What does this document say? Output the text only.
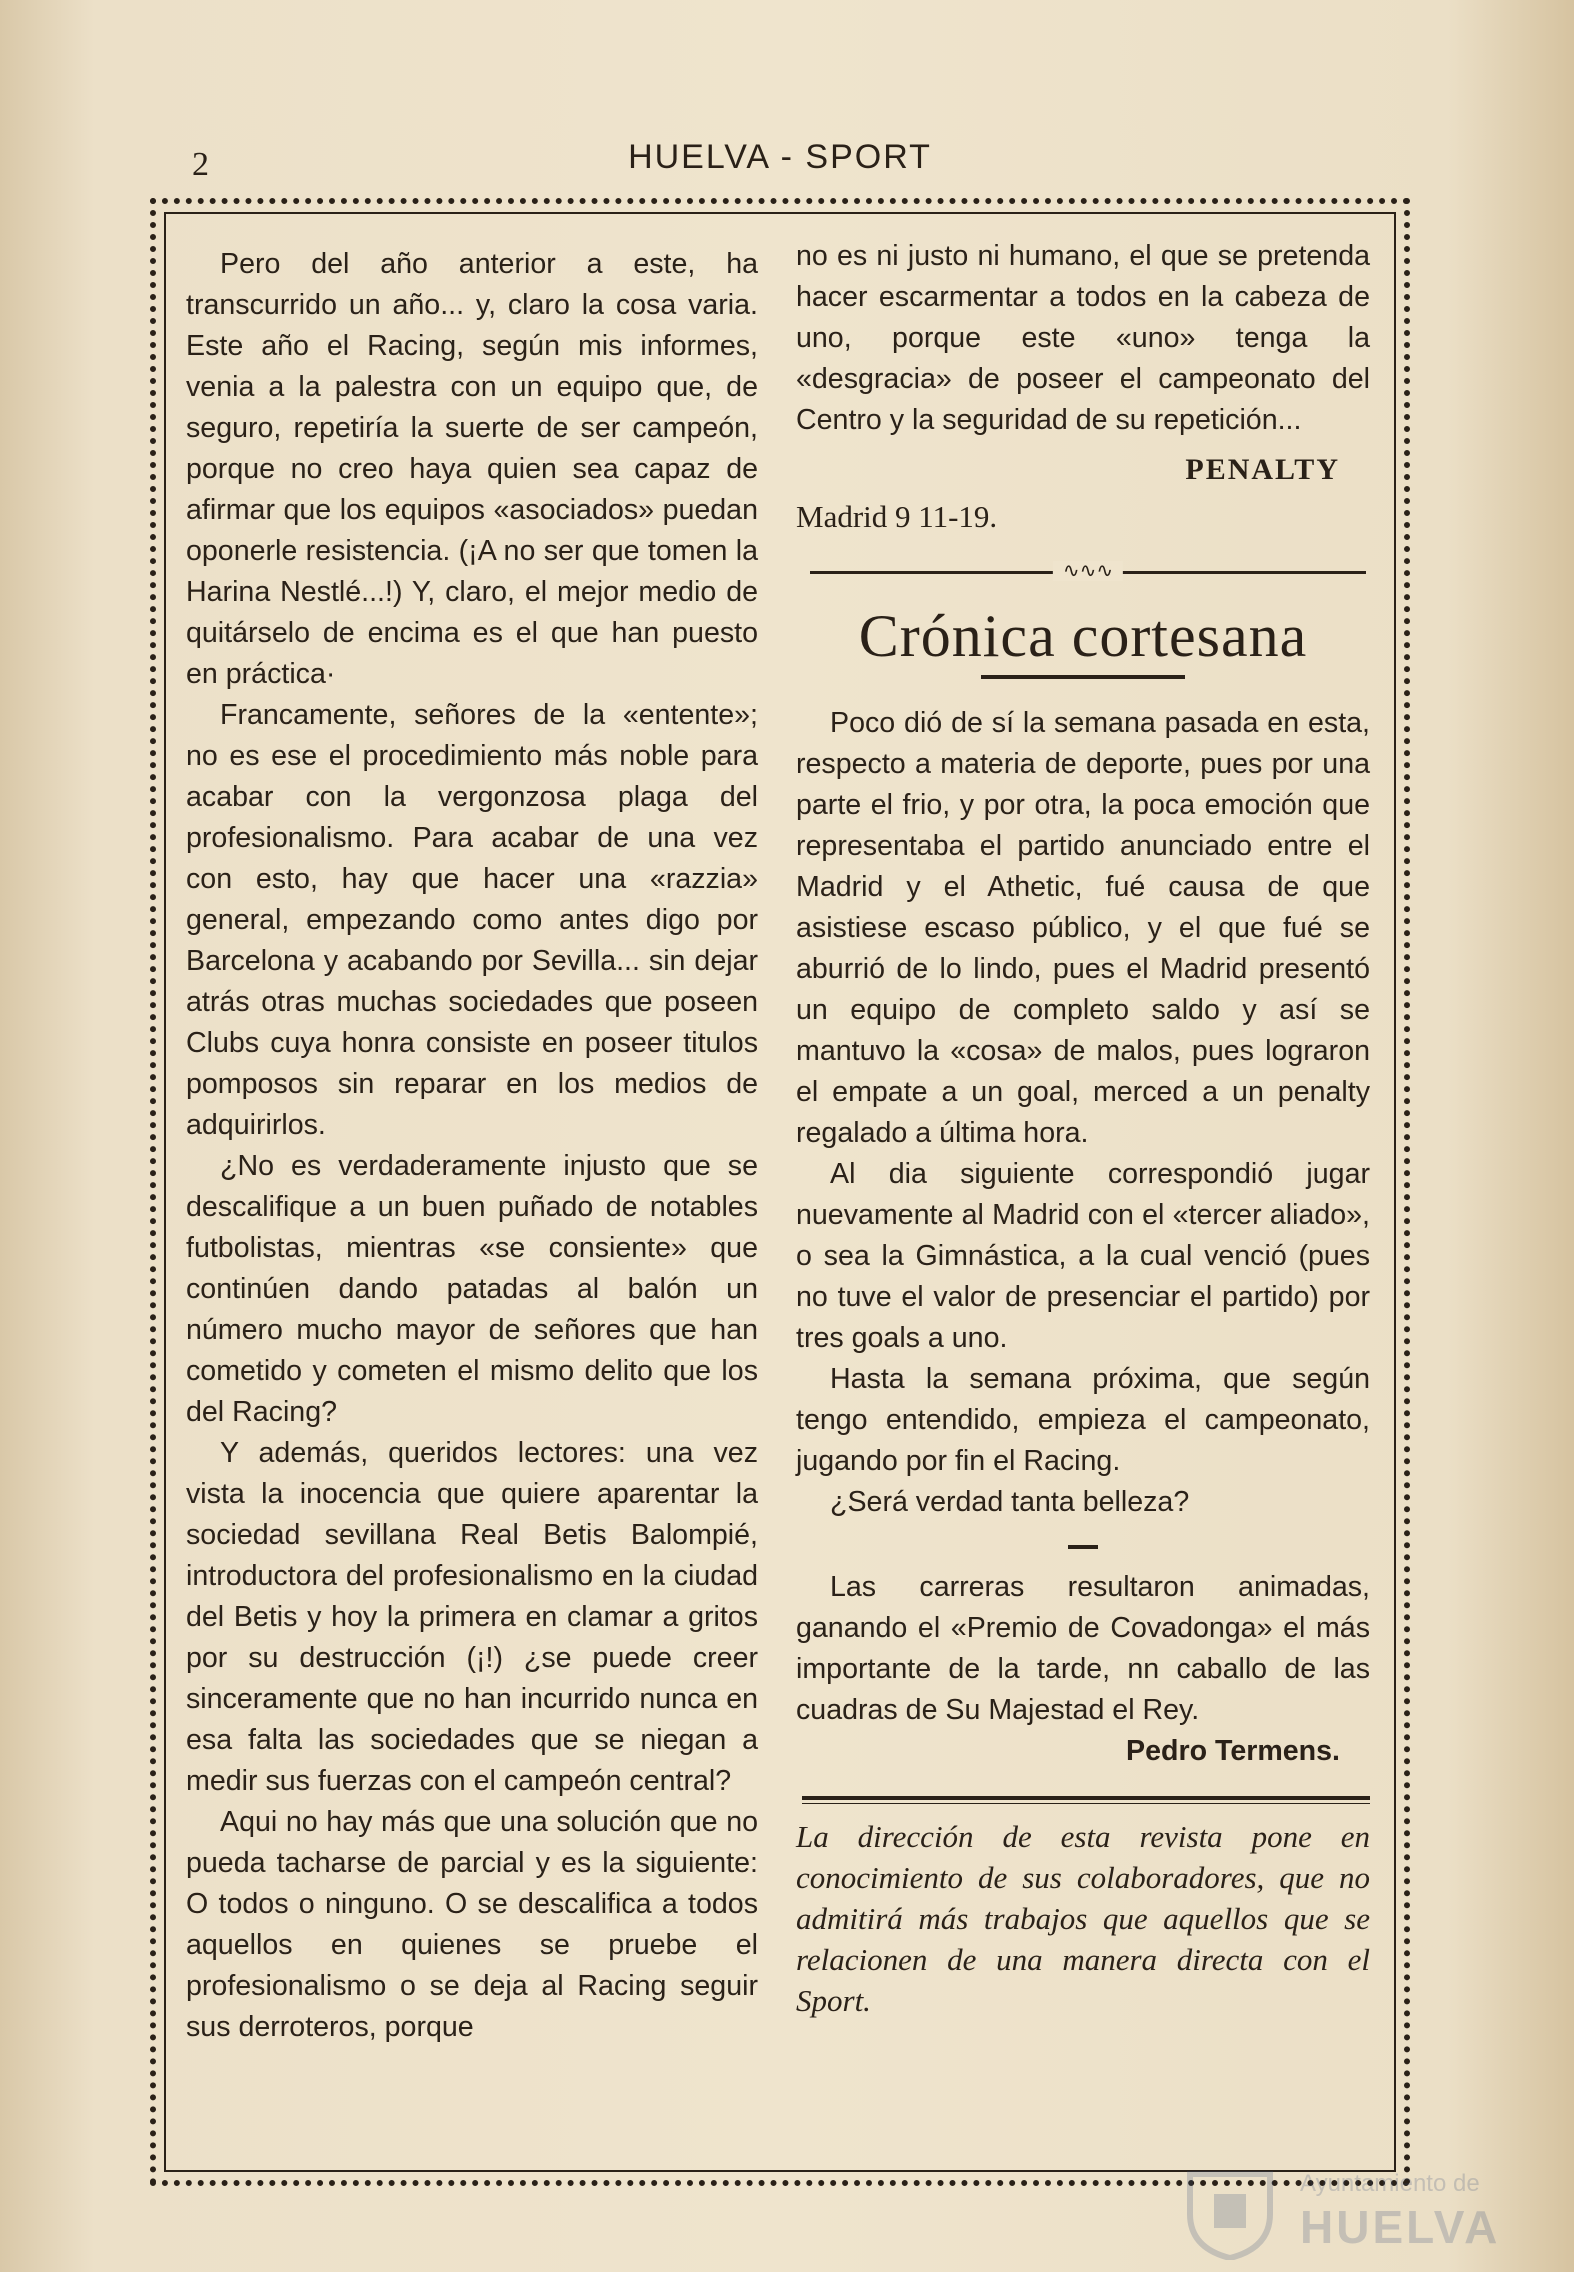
2	HUELVA - SPORT

Pero del año anterior a este, ha transcurrido un año... y, claro la cosa varia. Este año el Racing, según mis informes, venia a la palestra con un equipo que, de seguro, repetiría la suerte de ser campeón, porque no creo haya quien sea capaz de afirmar que los equipos «asociados» puedan oponerle resistencia. (¡A no ser que tomen la Harina Nestlé...!) Y, claro, el mejor medio de quitárselo de encima es el que han puesto en práctica·

Francamente, señores de la «entente»; no es ese el procedimiento más noble para acabar con la vergonzosa plaga del profesionalismo. Para acabar de una vez con esto, hay que hacer una «razzia» general, empezando como antes digo por Barcelona y acabando por Sevilla... sin dejar atrás otras muchas sociedades que poseen Clubs cuya honra consiste en poseer titulos pomposos sin reparar en los medios de adquirirlos.

¿No es verdaderamente injusto que se descalifique a un buen puñado de notables futbolistas, mientras «se consiente» que continúen dando patadas al balón un número mucho mayor de señores que han cometido y cometen el mismo delito que los del Racing?

Y además, queridos lectores: una vez vista la inocencia que quiere aparentar la sociedad sevillana Real Betis Balompié, introductora del profesionalismo en la ciudad del Betis y hoy la primera en clamar a gritos por su destrucción (¡!) ¿se puede creer sinceramente que no han incurrido nunca en esa falta las sociedades que se niegan a medir sus fuerzas con el campeón central?

Aqui no hay más que una solución que no pueda tacharse de parcial y es la siguiente: O todos o ninguno. O se descalifica a todos aquellos en quienes se pruebe el profesionalismo o se deja al Racing seguir sus derroteros, porque

no es ni justo ni humano, el que se pretenda hacer escarmentar a todos en la cabeza de uno, porque este «uno» tenga la «desgracia» de poseer el campeonato del Centro y la seguridad de su repetición...

PENALTY

Madrid 9 11-19.

∿∿∿
Crónica cortesana

Poco dió de sí la semana pasada en esta, respecto a materia de deporte, pues por una parte el frio, y por otra, la poca emoción que representaba el partido anunciado entre el Madrid y el Athetic, fué causa de que asistiese escaso público, y el que fué se aburrió de lo lindo, pues el Madrid presentó un equipo de completo saldo y así se mantuvo la «cosa» de malos, pues lograron el empate a un goal, merced a un penalty regalado a última hora.

Al dia siguiente correspondió jugar nuevamente al Madrid con el «tercer aliado», o sea la Gimnástica, a la cual venció (pues no tuve el valor de presenciar el partido) por tres goals a uno.

Hasta la semana próxima, que según tengo entendido, empieza el campeonato, jugando por fin el Racing.

¿Será verdad tanta belleza?

Las carreras resultaron animadas, ganando el «Premio de Covadonga» el más importante de la tarde, nn caballo de las cuadras de Su Majestad el Rey.

Pedro Termens.

La dirección de esta revista pone en conocimiento de sus colaboradores, que no admitirá más trabajos que aquellos que se relacionen de una manera directa con el Sport.

Ayuntamiento de
HUELVA
